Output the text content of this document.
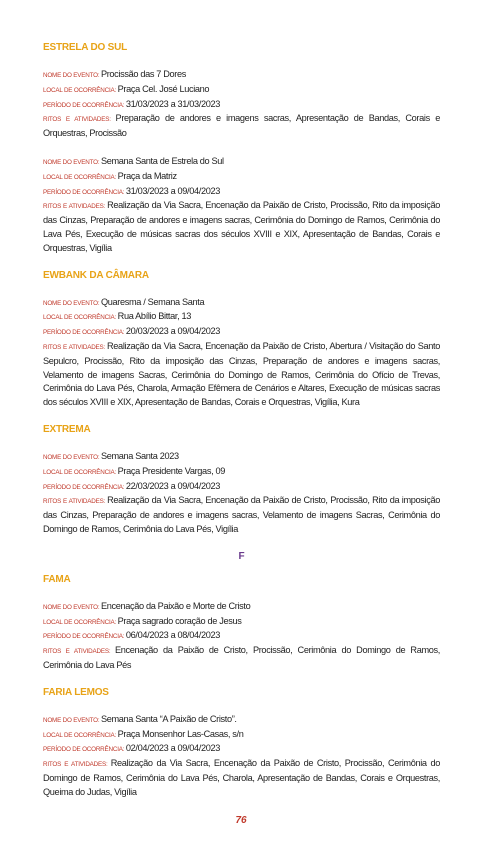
ESTRELA DO SUL
NOME DO EVENTO: Procissão das 7 Dores
LOCAL DE OCORRÊNCIA: Praça Cel. José Luciano
PERÍODO DE OCORRÊNCIA: 31/03/2023 a 31/03/2023
RITOS E ATIVIDADES: Preparação de andores e imagens sacras, Apresentação de Bandas, Corais e Orquestras, Procissão
NOME DO EVENTO: Semana Santa de Estrela do Sul
LOCAL DE OCORRÊNCIA: Praça da Matriz
PERÍODO DE OCORRÊNCIA: 31/03/2023 a 09/04/2023
RITOS E ATIVIDADES: Realização da Via Sacra, Encenação da Paixão de Cristo, Procissão, Rito da imposição das Cinzas, Preparação de andores e imagens sacras, Cerimônia do Domingo de Ramos, Cerimônia do Lava Pés, Execução de músicas sacras dos séculos XVIII e XIX, Apresentação de Bandas, Corais e Orquestras, Vigília
EWBANK DA CÂMARA
NOME DO EVENTO: Quaresma / Semana Santa
LOCAL DE OCORRÊNCIA: Rua Abílio Bittar, 13
PERÍODO DE OCORRÊNCIA: 20/03/2023 a 09/04/2023
RITOS E ATIVIDADES: Realização da Via Sacra, Encenação da Paixão de Cristo, Abertura / Visitação do Santo Sepulcro, Procissão, Rito da imposição das Cinzas, Preparação de andores e imagens sacras, Velamento de imagens Sacras, Cerimônia do Domingo de Ramos, Cerimônia do Ofício de Trevas, Cerimônia do Lava Pés, Charola, Armação Efêmera de Cenários e Altares, Execução de músicas sacras dos séculos XVIII e XIX, Apresentação de Bandas, Corais e Orquestras, Vigília, Kura
EXTREMA
NOME DO EVENTO: Semana Santa 2023
LOCAL DE OCORRÊNCIA: Praça Presidente Vargas, 09
PERÍODO DE OCORRÊNCIA: 22/03/2023 a 09/04/2023
RITOS E ATIVIDADES: Realização da Via Sacra, Encenação da Paixão de Cristo, Procissão, Rito da imposição das Cinzas, Preparação de andores e imagens sacras, Velamento de imagens Sacras, Cerimônia do Domingo de Ramos, Cerimônia do Lava Pés, Vigília
F
FAMA
NOME DO EVENTO: Encenação da Paixão e Morte de Cristo
LOCAL DE OCORRÊNCIA: Praça sagrado coração de Jesus
PERÍODO DE OCORRÊNCIA: 06/04/2023 a 08/04/2023
RITOS E ATIVIDADES: Encenação da Paixão de Cristo, Procissão, Cerimônia do Domingo de Ramos, Cerimônia do Lava Pés
FARIA LEMOS
NOME DO EVENTO: Semana Santa “A Paixão de Cristo”.
LOCAL DE OCORRÊNCIA: Praça Monsenhor Las-Casas, s/n
PERÍODO DE OCORRÊNCIA: 02/04/2023 a 09/04/2023
RITOS E ATIVIDADES: Realização da Via Sacra, Encenação da Paixão de Cristo, Procissão, Cerimônia do Domingo de Ramos, Cerimônia do Lava Pés, Charola, Apresentação de Bandas, Corais e Orquestras, Queima do Judas, Vigília
76
